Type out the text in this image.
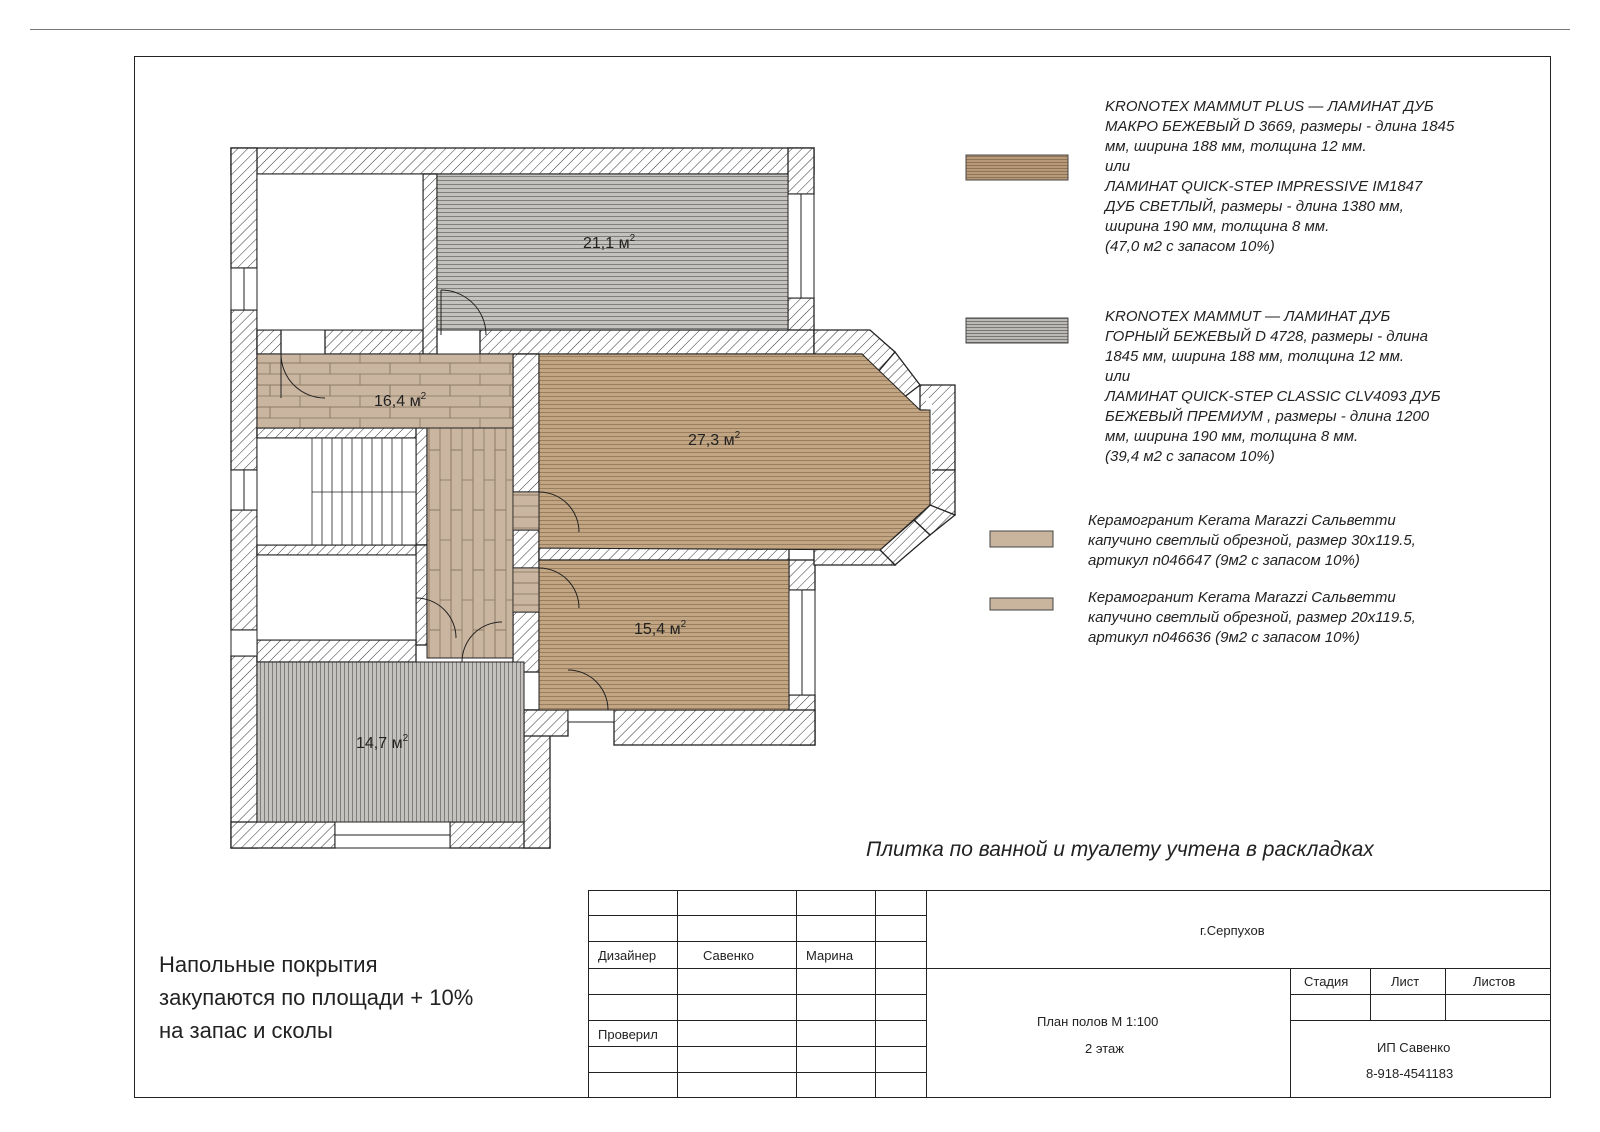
21,1 $м^2$
16,4 $м^2$
27,3 $м^2$
15,4 $м^2$
14,7 $м^2$
KRONOTEX MAMMUT PLUS — ЛАМИНАТ ДУБ
МАКРО БЕЖЕВЫЙ D 3669, размеры - длина 1845
мм, ширина 188 мм, толщина 12 мм.
или
ЛАМИНАТ QUICK-STEP IMPRESSIVE IM1847
ДУБ СВЕТЛЫЙ, размеры - длина 1380 мм,
ширина 190 мм, толщина 8 мм.
(47,0 м2 с запасом 10%)
KRONOTEX MAMMUT — ЛАМИНАТ ДУБ
ГОРНЫЙ БЕЖЕВЫЙ D 4728, размеры - длина
1845 мм, ширина 188 мм, толщина 12 мм.
или
ЛАМИНАТ QUICK-STEP CLASSIC CLV4093 ДУБ
БЕЖЕВЫЙ ПРЕМИУМ , размеры - длина 1200
мм, ширина 190 мм, толщина 8 мм.
(39,4 м2 с запасом 10%)
Керамогранит Kerama Marazzi Сальветти
капучино светлый обрезной, размер 30х119.5,
артикул n046647 (9м2 с запасом 10%)
Керамогранит Kerama Marazzi Сальветти
капучино светлый обрезной, размер 20х119.5,
артикул n046636 (9м2 с запасом 10%)
Плитка по ванной и туалету учтена в раскладках
Напольные покрытия
закупаются по площади + 10%
на запас и сколы
Дизайнер	Савенко	Марина
Проверил
г.Серпухов
Стадия	Лист	Листов
План полов М 1:100
2 этаж	ИП Савенко
8-918-4541183
